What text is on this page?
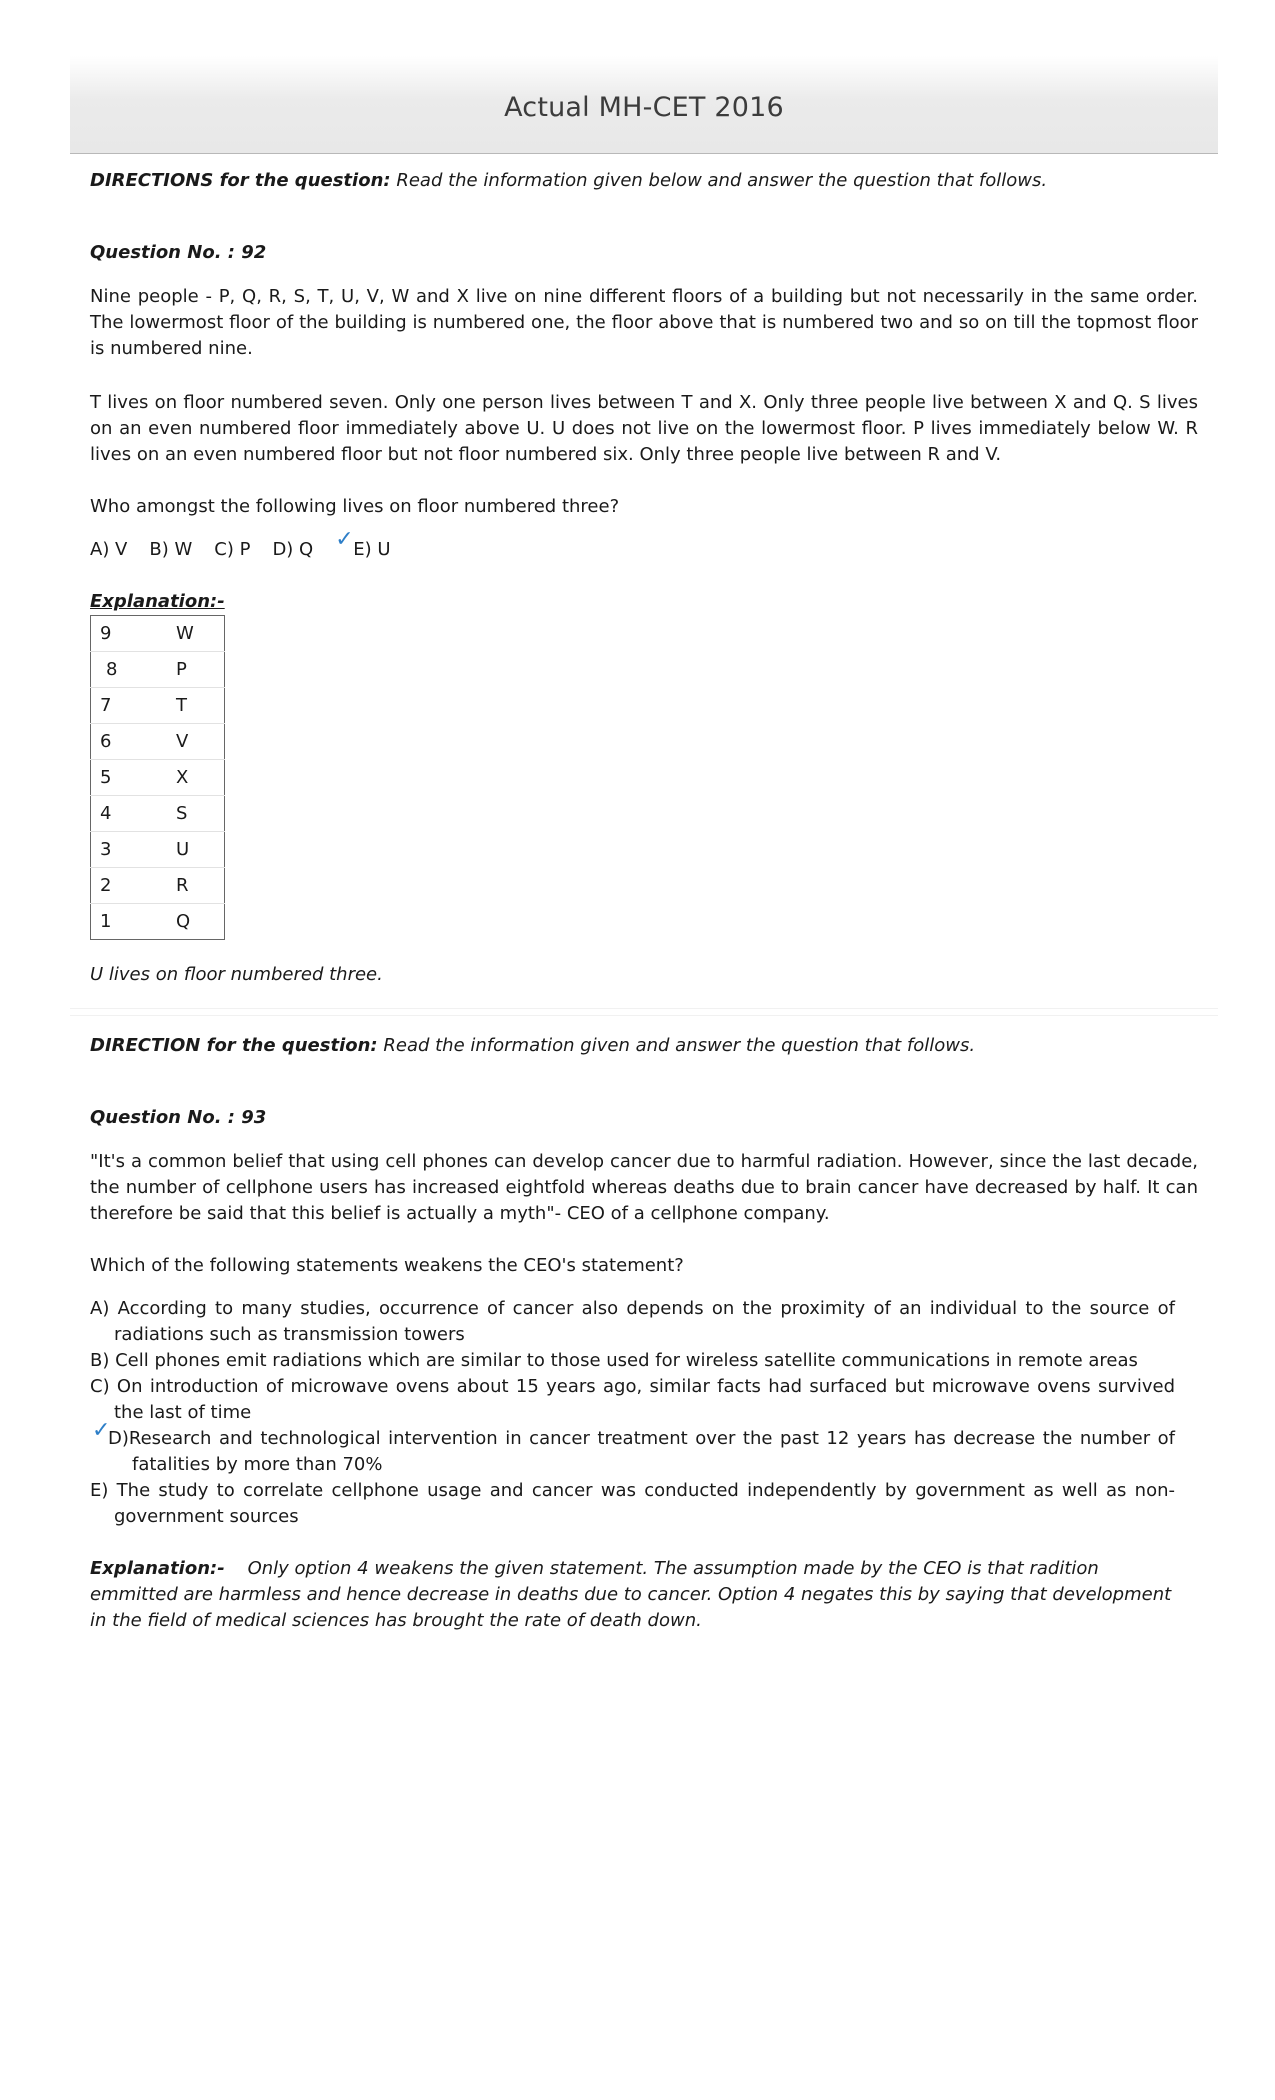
Actual MH-CET 2016
DIRECTIONS for the question: Read the information given below and answer the question that follows.
Question No. : 92

Nine people - P, Q, R, S, T, U, V, W and X live on nine different floors of a building but not necessarily in the same order. The lowermost floor of the building is numbered one, the floor above that is numbered two and so on till the topmost floor is numbered nine.

T lives on floor numbered seven. Only one person lives between T and X. Only three people live between X and Q. S lives on an even numbered floor immediately above U. U does not live on the lowermost floor. P lives immediately below W. R lives on an even numbered floor but not floor numbered six. Only three people live between R and V.

Who amongst the following lives on floor numbered three?
A) V B) W C) P D) Q ✓ E) U
Explanation:-
9	W
8	P
7	T
6	V
5	X
4	S
3	U
2	R
1	Q
U lives on floor numbered three.
DIRECTION for the question: Read the information given and answer the question that follows.
Question No. : 93

"It's a common belief that using cell phones can develop cancer due to harmful radiation. However, since the last decade, the number of cellphone users has increased eightfold whereas deaths due to brain cancer have decreased by half. It can therefore be said that this belief is actually a myth"- CEO of a cellphone company.

Which of the following statements weakens the CEO's statement?
A) According to many studies, occurrence of cancer also depends on the proximity of an individual to the source of radiations such as transmission towers
B) Cell phones emit radiations which are similar to those used for wireless satellite communications in remote areas
C) On introduction of microwave ovens about 15 years ago, similar facts had surfaced but microwave ovens survived the last of time
✓
D)Research and technological intervention in cancer treatment over the past 12 years has decrease the number of fatalities by more than 70%
E) The study to correlate cellphone usage and cancer was conducted independently by government as well as non-government sources
Explanation:- Only option 4 weakens the given statement. The assumption made by the CEO is that radition emmitted are harmless and hence decrease in deaths due to cancer. Option 4 negates this by saying that development in the field of medical sciences has brought the rate of death down.
